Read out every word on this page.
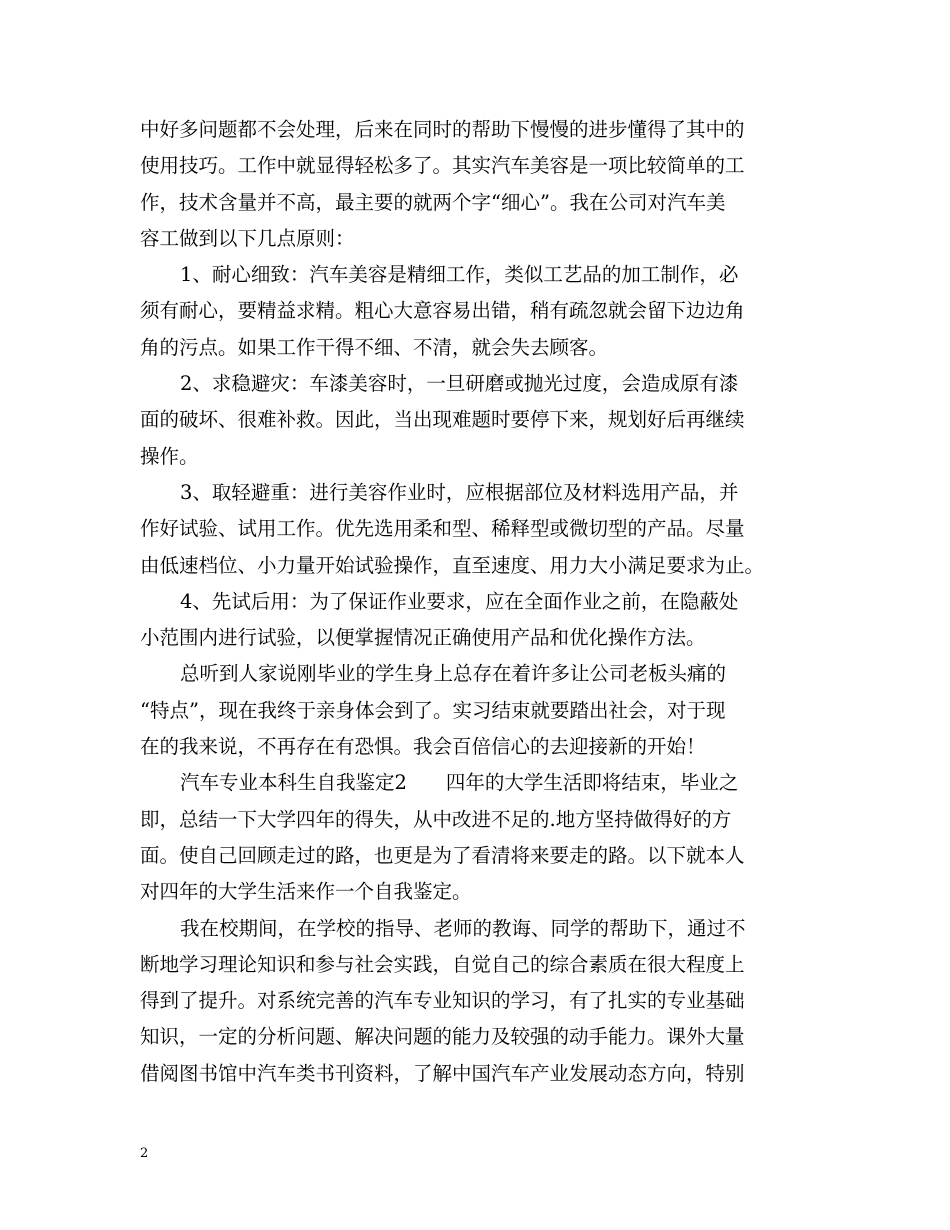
中好多问题都不会处理，后来在同时的帮助下慢慢的进步懂得了其中的
使用技巧。工作中就显得轻松多了。其实汽车美容是一项比较简单的工
作，技术含量并不高，最主要的就两个字“细心”。我在公司对汽车美
容工做到以下几点原则：
1、耐心细致：汽车美容是精细工作，类似工艺品的加工制作，必
须有耐心，要精益求精。粗心大意容易出错，稍有疏忽就会留下边边角
角的污点。如果工作干得不细、不清，就会失去顾客。
2、求稳避灾：车漆美容时，一旦研磨或抛光过度，会造成原有漆
面的破坏、很难补救。因此，当出现难题时要停下来，规划好后再继续
操作。
3、取轻避重：进行美容作业时，应根据部位及材料选用产品，并
作好试验、试用工作。优先选用柔和型、稀释型或微切型的产品。尽量
由低速档位、小力量开始试验操作，直至速度、用力大小满足要求为止。
4、先试后用：为了保证作业要求，应在全面作业之前，在隐蔽处
小范围内进行试验，以便掌握情况正确使用产品和优化操作方法。
总听到人家说刚毕业的学生身上总存在着许多让公司老板头痛的
“特点”，现在我终于亲身体会到了。实习结束就要踏出社会，对于现
在的我来说，不再存在有恐惧。我会百倍信心的去迎接新的开始！
汽车专业本科生自我鉴定2　　四年的大学生活即将结束，毕业之
即，总结一下大学四年的得失，从中改进不足的.地方坚持做得好的方
面。使自己回顾走过的路，也更是为了看清将来要走的路。以下就本人
对四年的大学生活来作一个自我鉴定。
我在校期间，在学校的指导、老师的教诲、同学的帮助下，通过不
断地学习理论知识和参与社会实践，自觉自己的综合素质在很大程度上
得到了提升。对系统完善的汽车专业知识的学习，有了扎实的专业基础
知识，一定的分析问题、解决问题的能力及较强的动手能力。课外大量
借阅图书馆中汽车类书刊资料，了解中国汽车产业发展动态方向，特别
2
